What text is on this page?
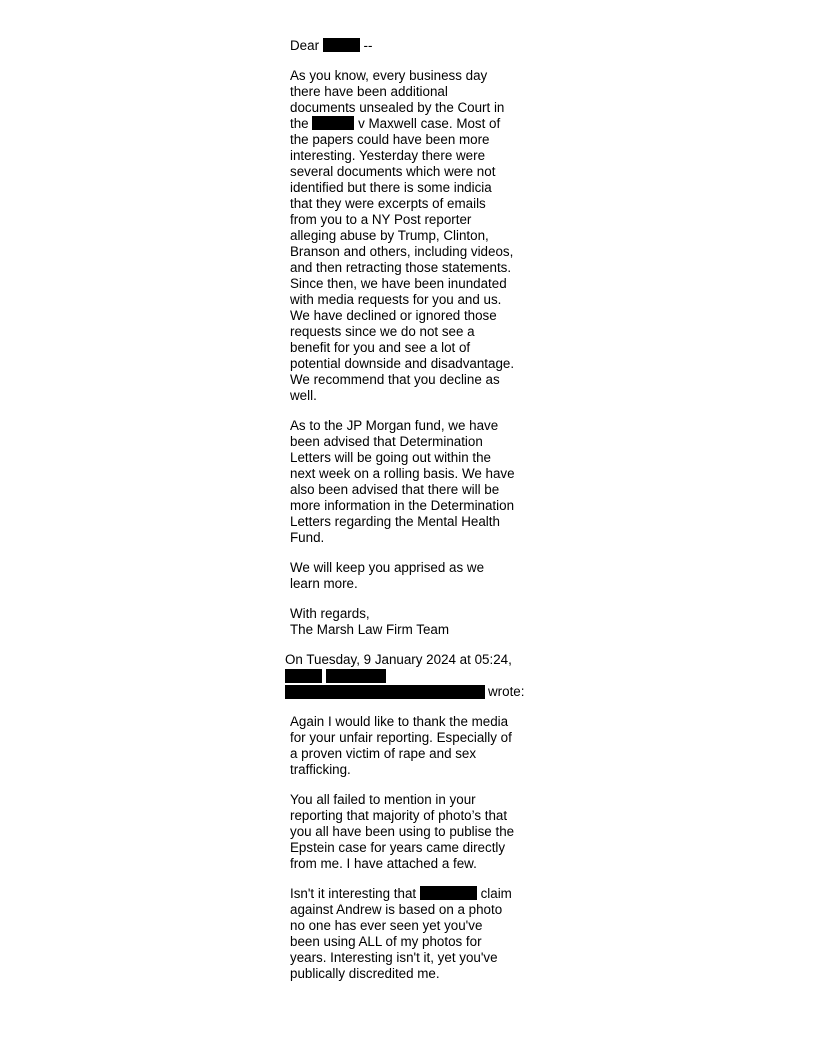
Dear	--
As you know, every business day
there have been additional
documents unsealed by the Court in
the	v Maxwell case. Most of
the papers could have been more
interesting. Yesterday there were
several documents which were not
identified but there is some indicia
that they were excerpts of emails
from you to a NY Post reporter
alleging abuse by Trump, Clinton,
Branson and others, including videos,
and then retracting those statements.
Since then, we have been inundated
with media requests for you and us.
We have declined or ignored those
requests since we do not see a
benefit for you and see a lot of
potential downside and disadvantage.
We recommend that you decline as
well.
As to the JP Morgan fund, we have
been advised that Determination
Letters will be going out within the
next week on a rolling basis. We have
also been advised that there will be
more information in the Determination
Letters regarding the Mental Health
Fund.
We will keep you apprised as we
learn more.
With regards,
The Marsh Law Firm Team
On Tuesday, 9 January 2024 at 05:24,
wrote:
Again I would like to thank the media
for your unfair reporting. Especially of
a proven victim of rape and sex
trafficking.
You all failed to mention in your
reporting that majority of photo’s that
you all have been using to publise the
Epstein case for years came directly
from me. I have attached a few.
Isn't it interesting that	claim
against Andrew is based on a photo
no one has ever seen yet you've
been using ALL of my photos for
years. Interesting isn't it, yet you've
publically discredited me.
